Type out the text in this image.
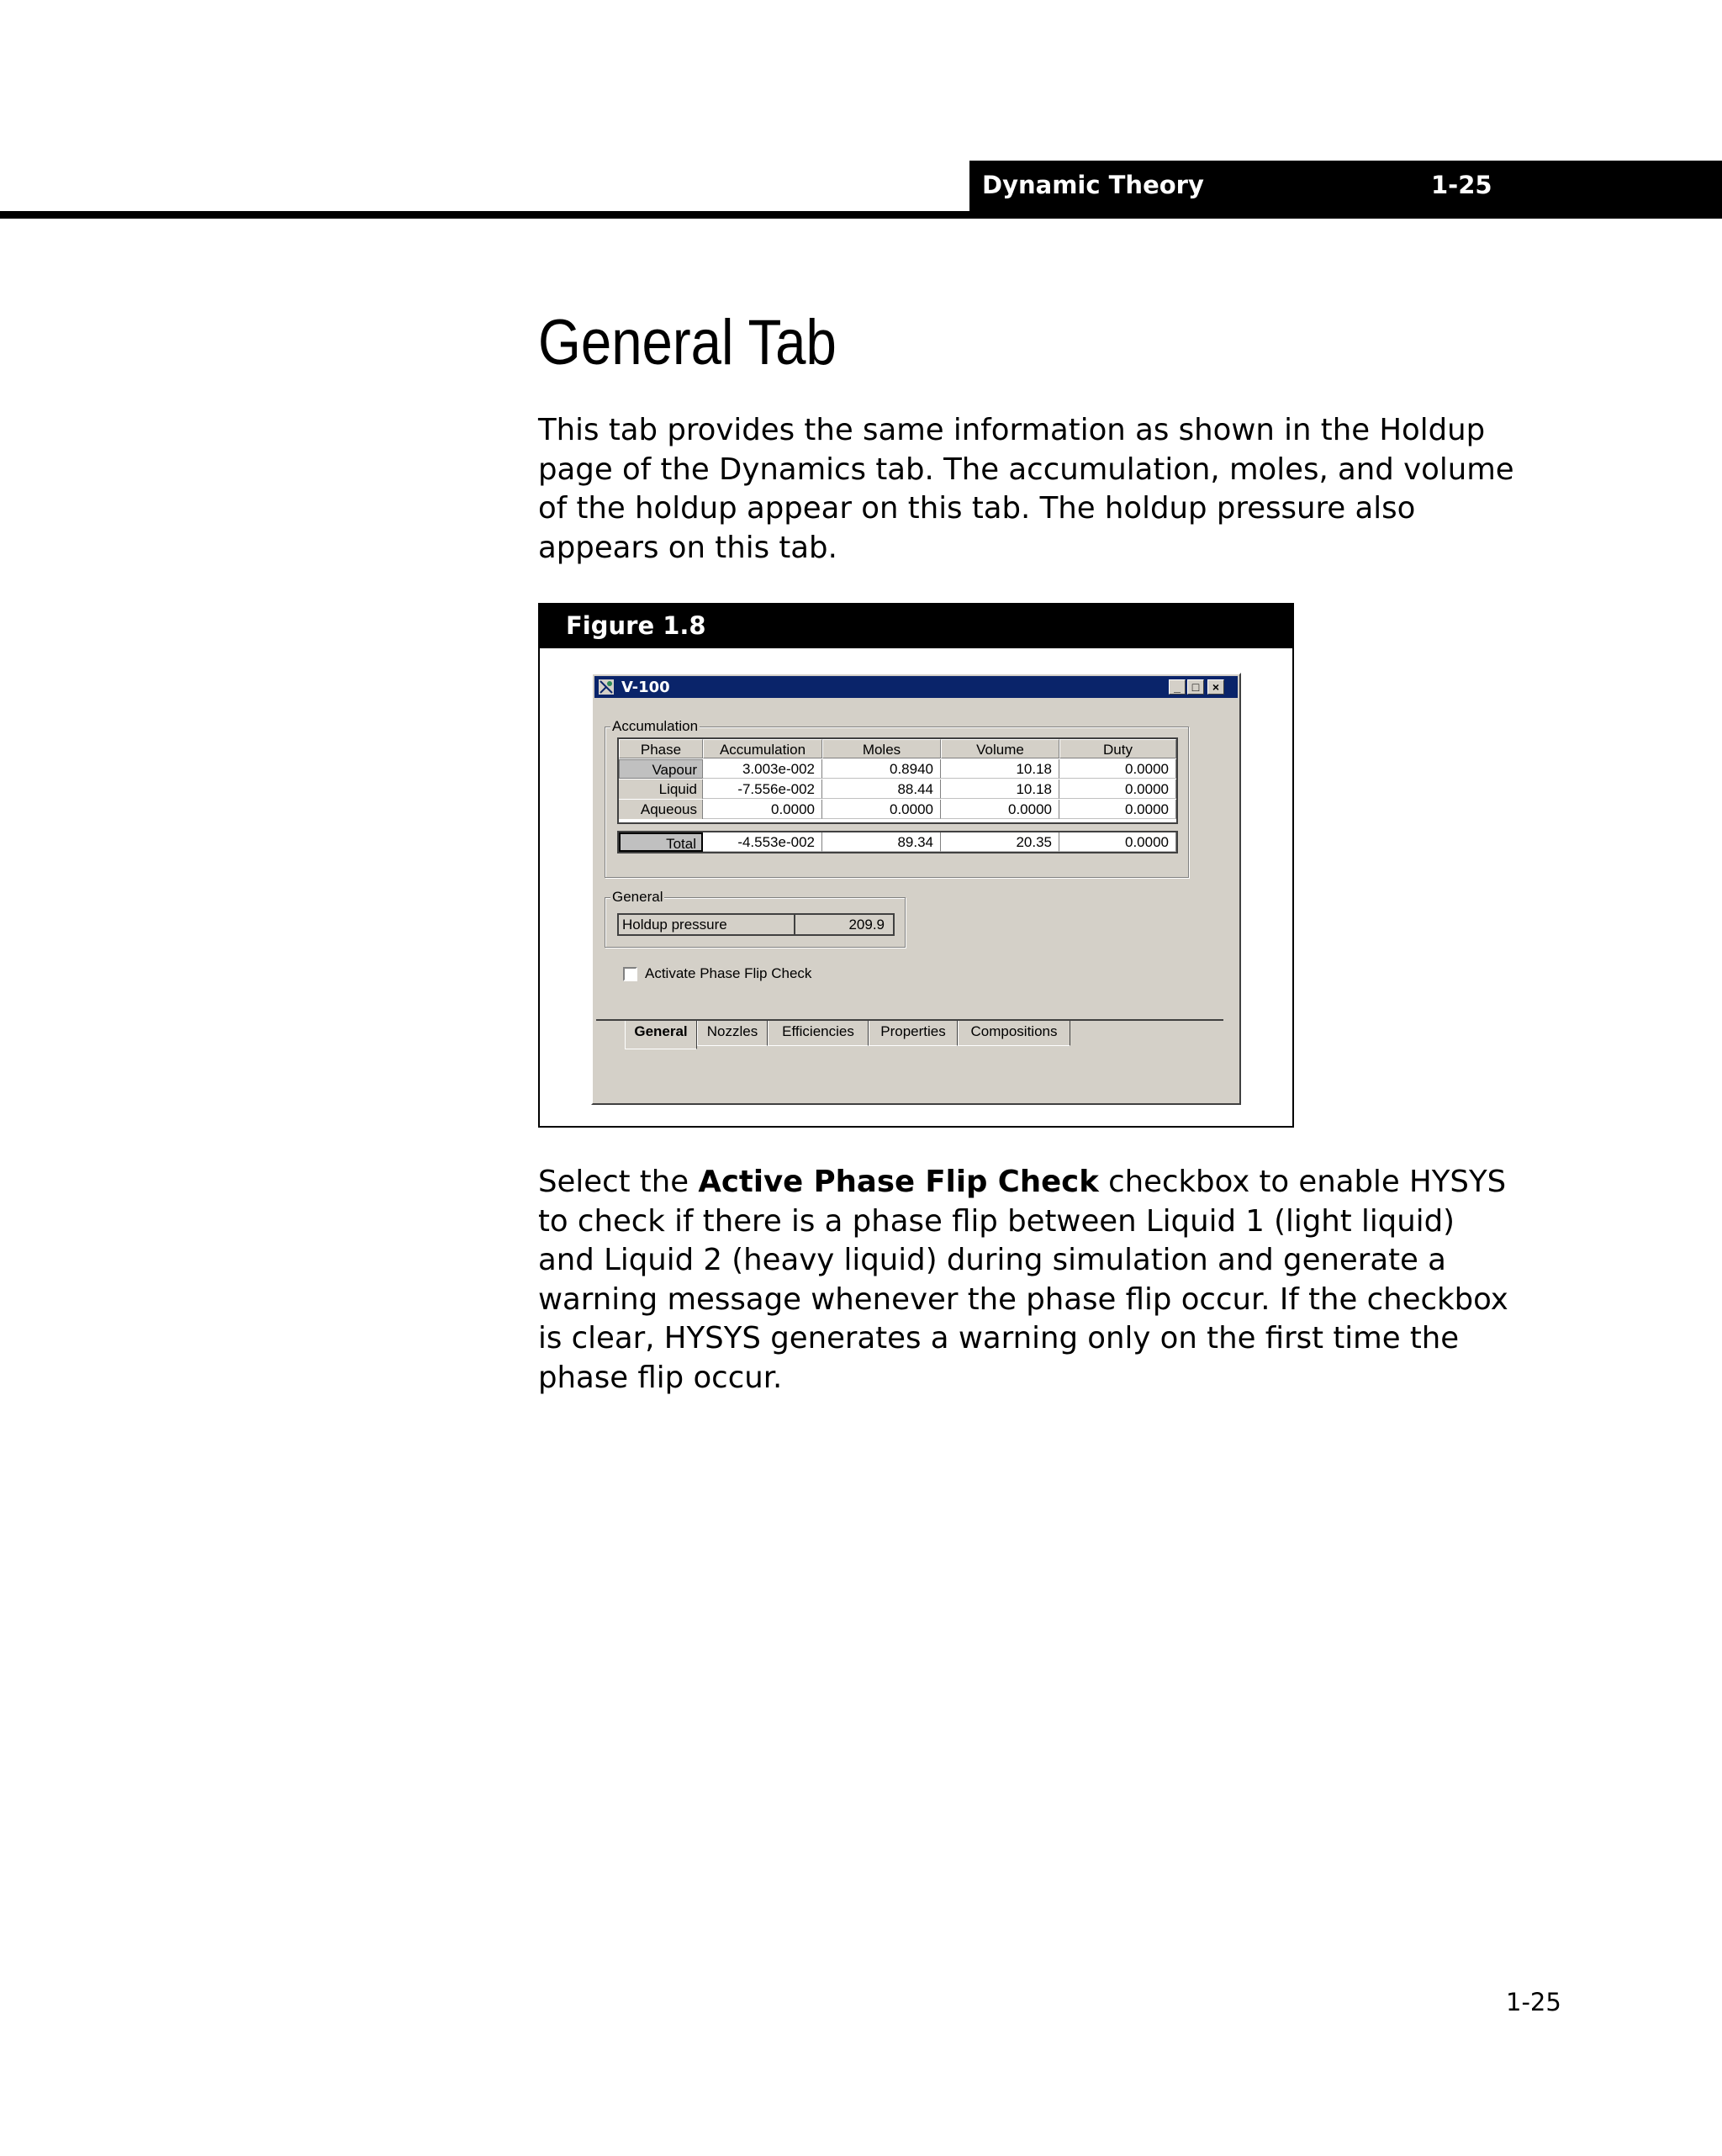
Dynamic Theory	1-25
General Tab
This tab provides the same information as shown in the Holdup page of the Dynamics tab. The accumulation, moles, and volume of the holdup appear on this tab. The holdup pressure also appears on this tab.
Figure 1.8
V-100	_ □	×
Accumulation
Phase	Accumulation	Moles	Volume	Duty
Vapour	3.003e-002	0.8940	10.18	0.0000
Liquid	-7.556e-002	88.44	10.18	0.0000
Aqueous	0.0000	0.0000	0.0000	0.0000
Total	-4.553e-002	89.34	20.35	0.0000
General
Holdup pressure	209.9
Activate Phase Flip Check
General	Nozzles	Efficiencies	Properties	Compositions
Select the Active Phase Flip Check checkbox to enable HYSYS to check if there is a phase flip between Liquid 1 (light liquid) and Liquid 2 (heavy liquid) during simulation and generate a warning message whenever the phase flip occur. If the checkbox is clear, HYSYS generates a warning only on the first time the phase flip occur.
1-25
